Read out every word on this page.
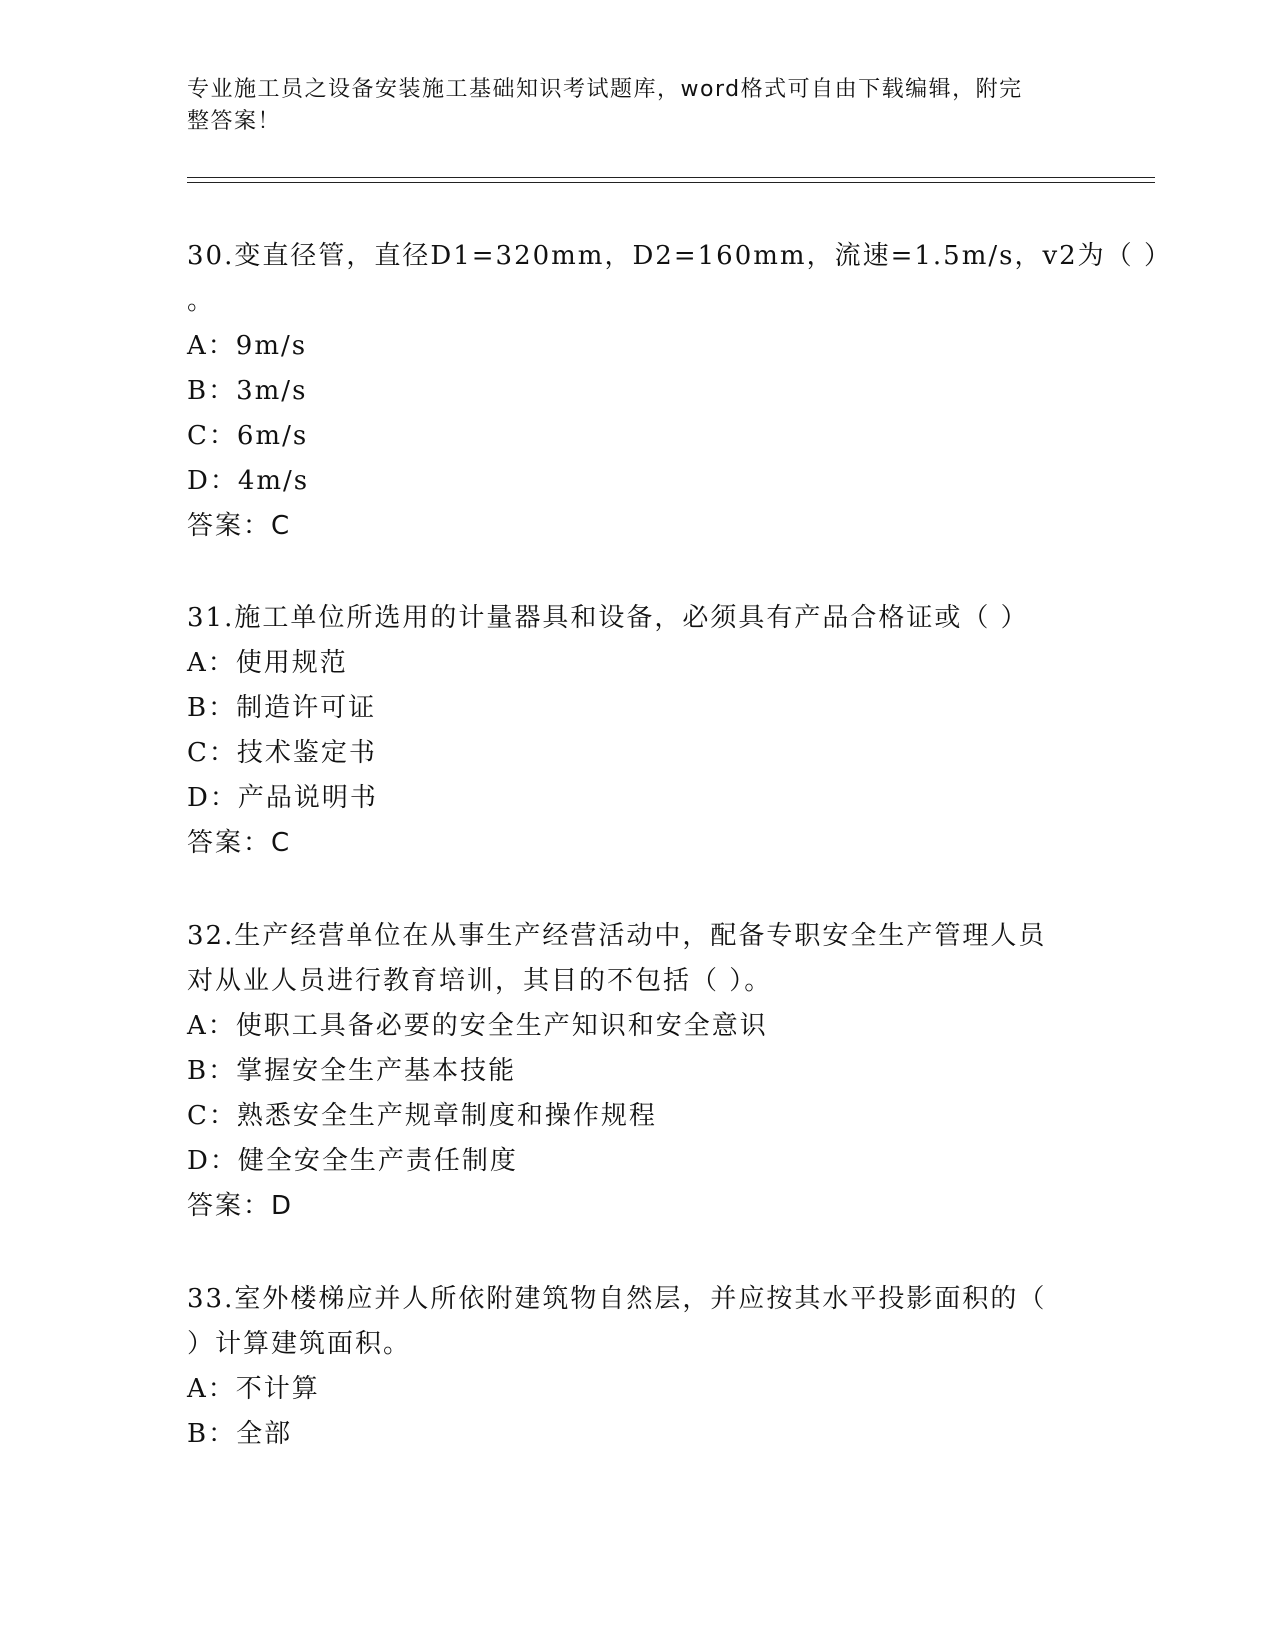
专业施工员之设备安装施工基础知识考试题库，word格式可自由下载编辑，附完
整答案！
30.变直径管，直径D1=320mm，D2=160mm，流速=1.5m/s，v2为（ ）
。
A：9m/s
B：3m/s
C：6m/s
D：4m/s
答案：C
31.施工单位所选用的计量器具和设备，必须具有产品合格证或（ ）
A：使用规范
B：制造许可证
C：技术鉴定书
D：产品说明书
答案：C
32.生产经营单位在从事生产经营活动中，配备专职安全生产管理人员
对从业人员进行教育培训，其目的不包括（ ）。
A：使职工具备必要的安全生产知识和安全意识
B：掌握安全生产基本技能
C：熟悉安全生产规章制度和操作规程
D：健全安全生产责任制度
答案：D
33.室外楼梯应并人所依附建筑物自然层，并应按其水平投影面积的（
）计算建筑面积。
A：不计算
B：全部
